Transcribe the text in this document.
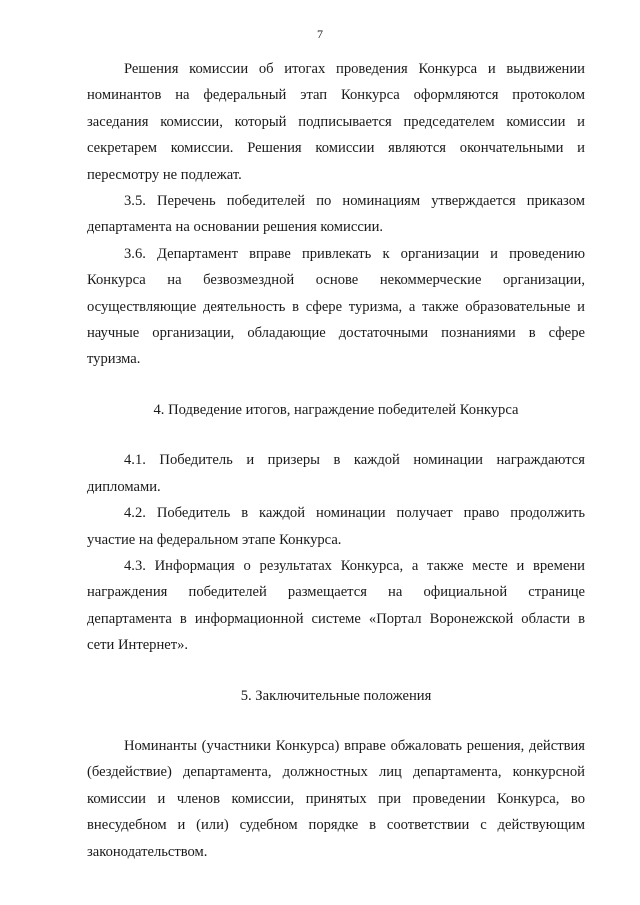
7

Решения комиссии об итогах проведения Конкурса и выдвижении номинантов на федеральный этап Конкурса оформляются протоколом заседания комиссии, который подписывается председателем комиссии и секретарем комиссии. Решения комиссии являются окончательными и пересмотру не подлежат.

3.5. Перечень победителей по номинациям утверждается приказом департамента на основании решения комиссии.

3.6. Департамент вправе привлекать к организации и проведению Конкурса на безвозмездной основе некоммерческие организации, осуществляющие деятельность в сфере туризма, а также образовательные и научные организации, обладающие достаточными познаниями в сфере туризма.

4. Подведение итогов, награждение победителей Конкурса

4.1. Победитель и призеры в каждой номинации награждаются дипломами.

4.2. Победитель в каждой номинации получает право продолжить участие на федеральном этапе Конкурса.

4.3. Информация о результатах Конкурса, а также месте и времени награждения победителей размещается на официальной странице департамента в информационной системе «Портал Воронежской области в сети Интернет».

5. Заключительные положения

Номинанты (участники Конкурса) вправе обжаловать решения, действия (бездействие) департамента, должностных лиц департамента, конкурсной комиссии и членов комиссии, принятых при проведении Конкурса, во внесудебном и (или) судебном порядке в соответствии с действующим законодательством.
